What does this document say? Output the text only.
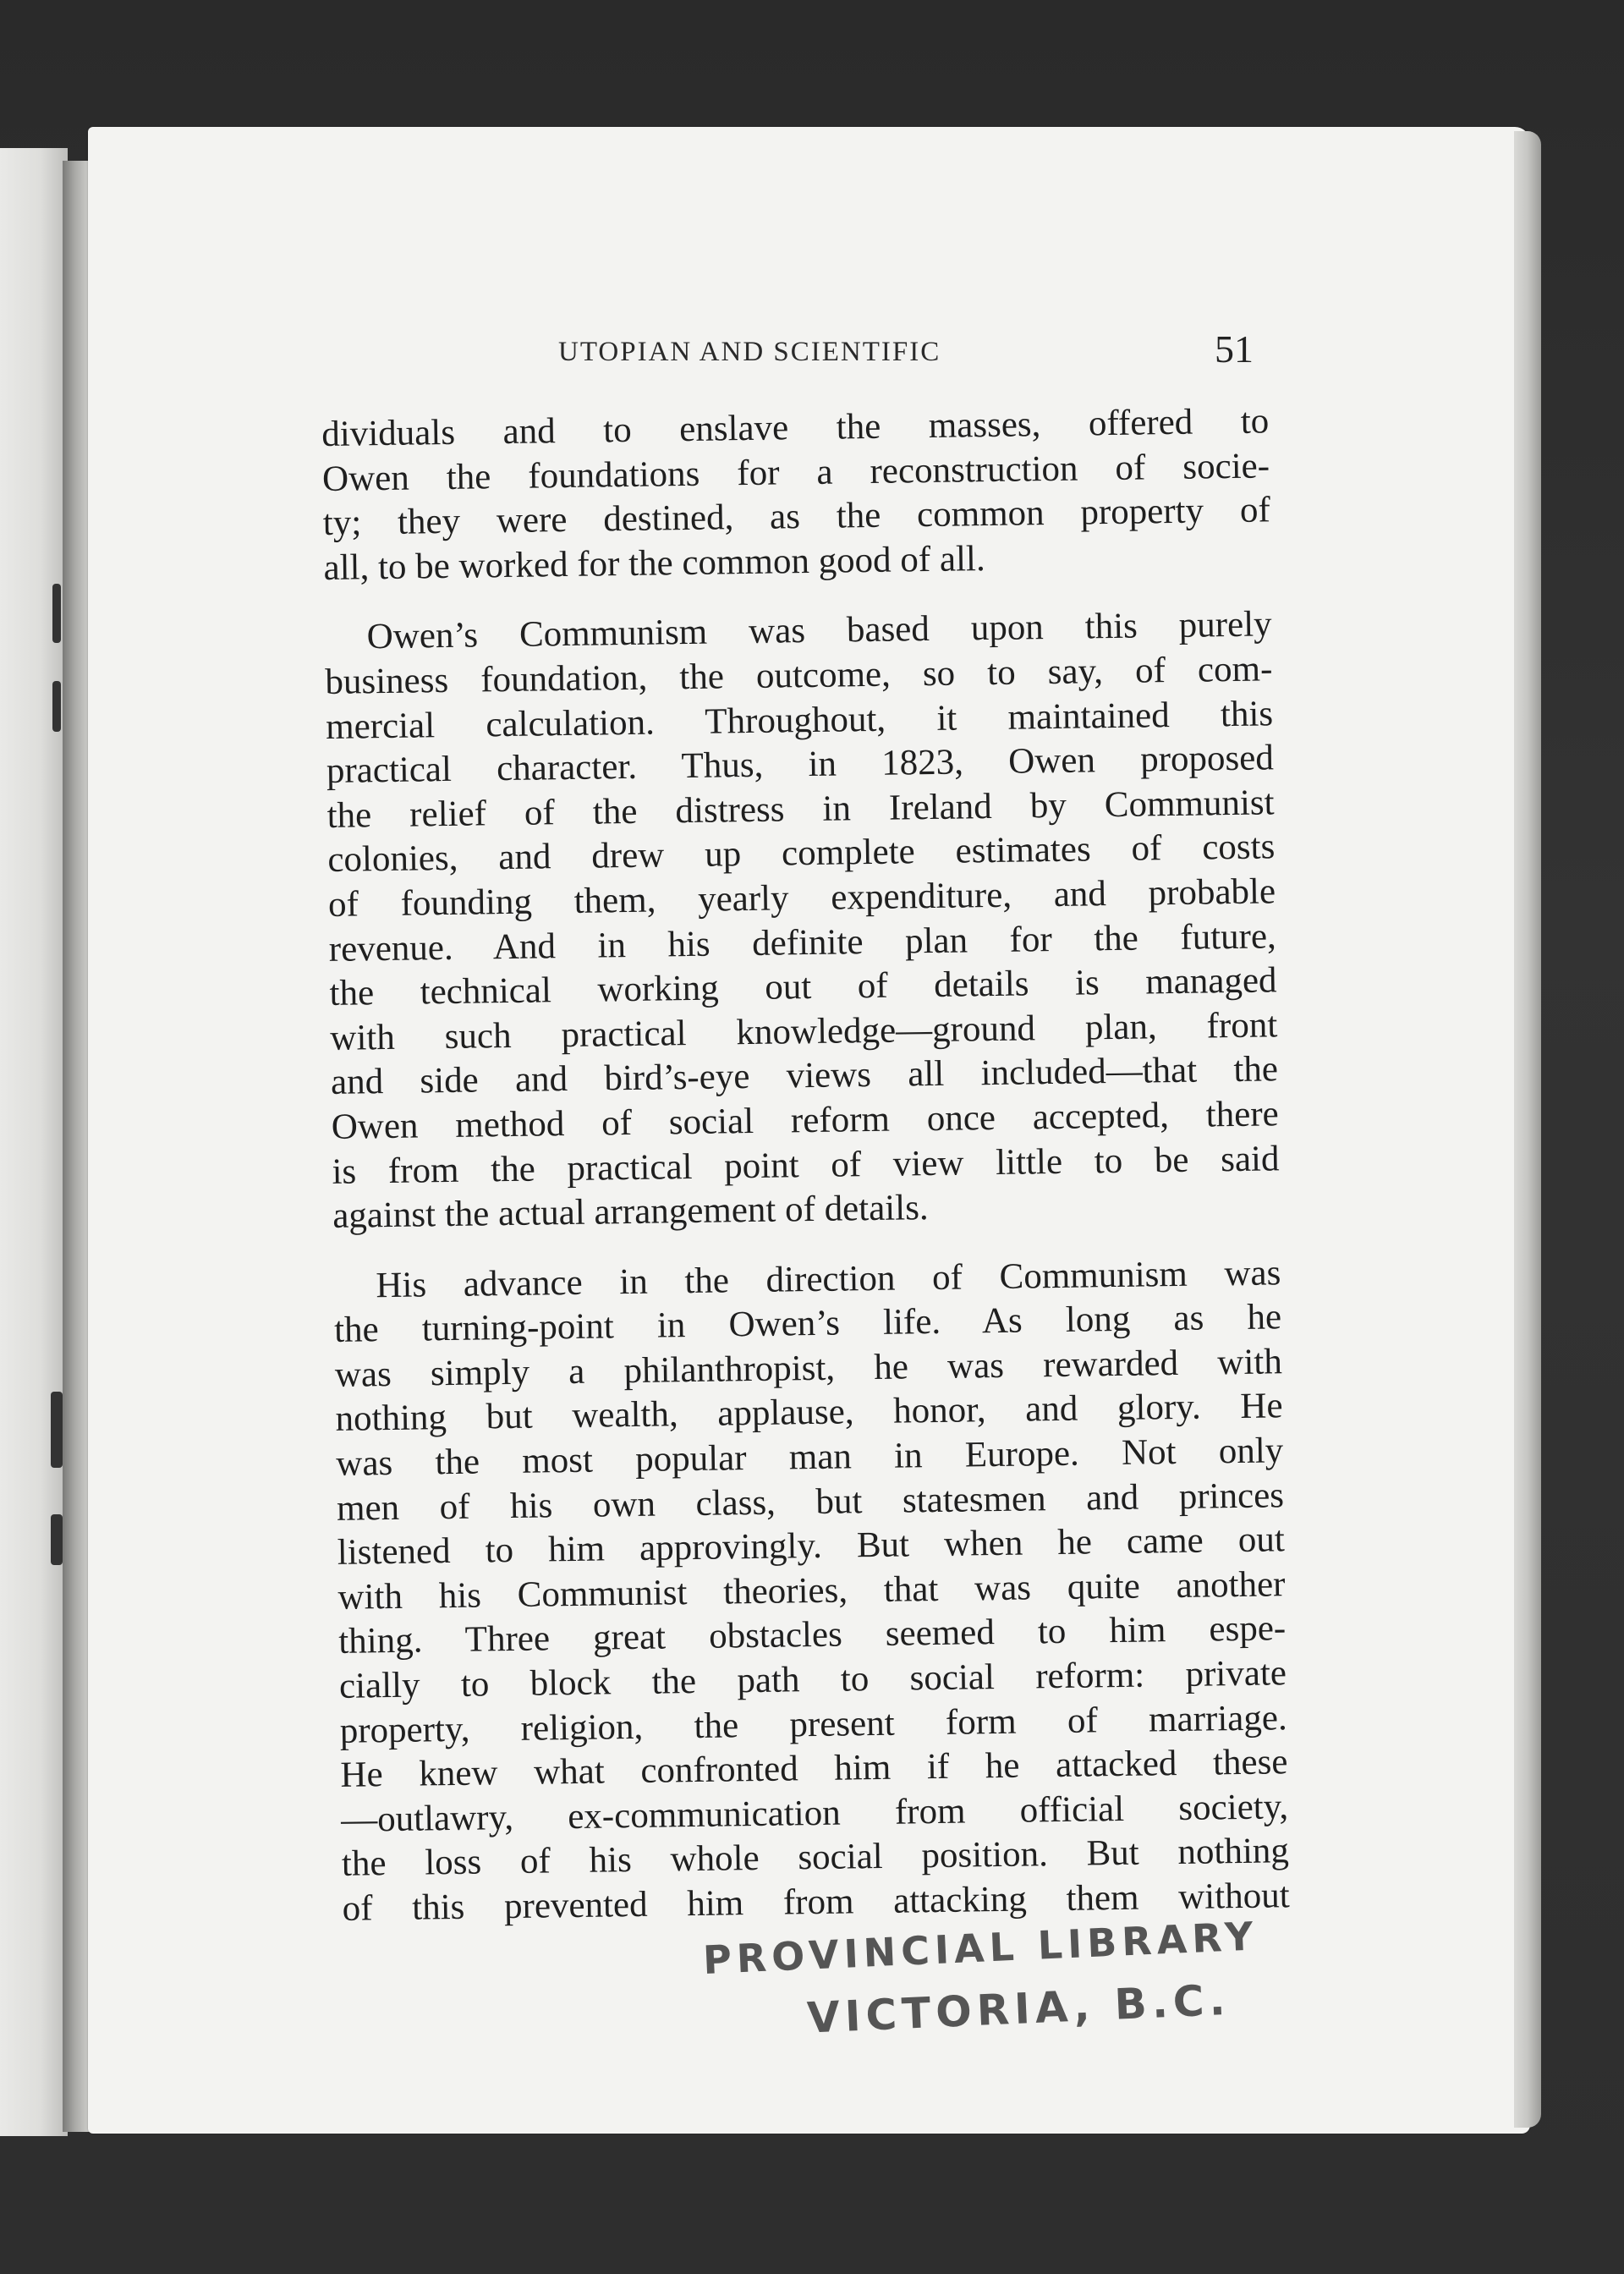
UTOPIAN AND SCIENTIFIC	51
dividuals and to enslave the masses, offered to
Owen the foundations for a reconstruction of socie-
ty; they were destined, as the common property of
all, to be worked for the common good of all.
Owen’s Communism was based upon this purely
business foundation, the outcome, so to say, of com-
mercial calculation. Throughout, it maintained this
practical character. Thus, in 1823, Owen proposed
the relief of the distress in Ireland by Communist
colonies, and drew up complete estimates of costs
of founding them, yearly expenditure, and probable
revenue. And in his definite plan for the future,
the technical working out of details is managed
with such practical knowledge—ground plan, front
and side and bird’s-eye views all included—that the
Owen method of social reform once accepted, there
is from the practical point of view little to be said
against the actual arrangement of details.
His advance in the direction of Communism was
the turning-point in Owen’s life. As long as he
was simply a philanthropist, he was rewarded with
nothing but wealth, applause, honor, and glory. He
was the most popular man in Europe. Not only
men of his own class, but statesmen and princes
listened to him approvingly. But when he came out
with his Communist theories, that was quite another
thing. Three great obstacles seemed to him espe-
cially to block the path to social reform: private
property, religion, the present form of marriage.
He knew what confronted him if he attacked these
—outlawry, ex-communication from official society,
the loss of his whole social position. But nothing
of this prevented him from attacking them without
PROVINCIAL LIBRARY
VICTORIA, B.C.
